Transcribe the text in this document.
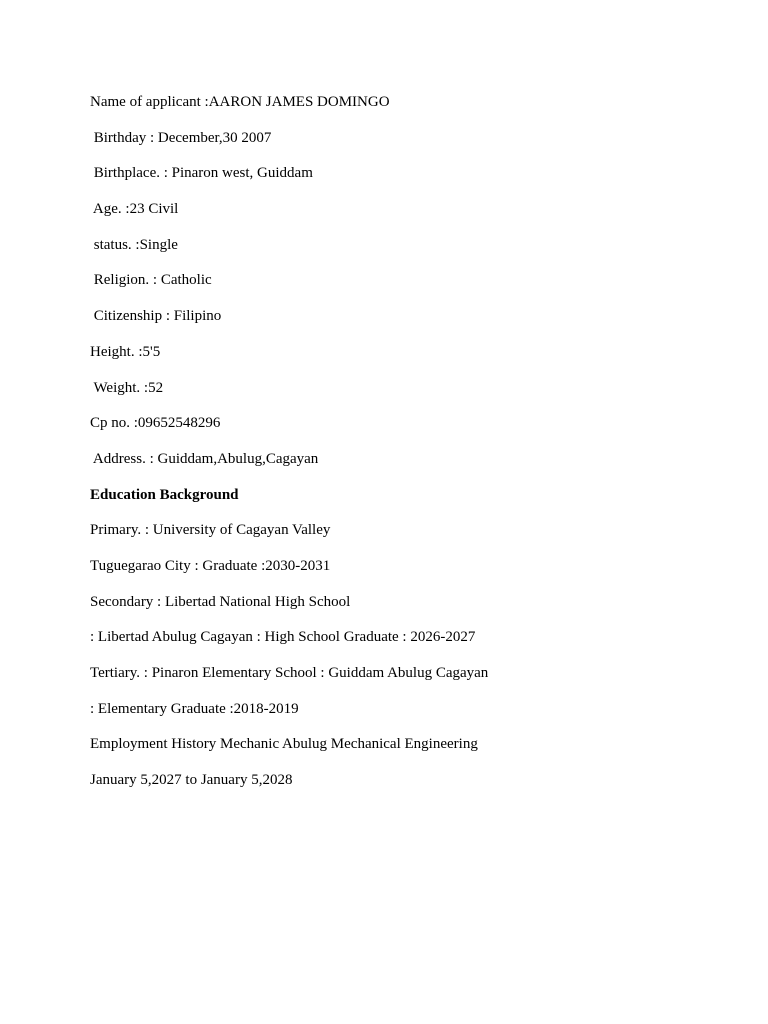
Name of applicant :AARON JAMES DOMINGO
Birthday : December,30 2007
Birthplace. : Pinaron west, Guiddam
Age. :23 Civil
status. :Single
Religion. : Catholic
Citizenship : Filipino
Height. :5'5
Weight. :52
Cp no. :09652548296
Address. : Guiddam,Abulug,Cagayan
Education Background
Primary. : University of Cagayan Valley
Tuguegarao City : Graduate :2030-2031
Secondary : Libertad National High School
: Libertad Abulug Cagayan : High School Graduate : 2026-2027
Tertiary. : Pinaron Elementary School : Guiddam Abulug Cagayan
: Elementary Graduate :2018-2019
Employment History Mechanic Abulug Mechanical Engineering
January 5,2027 to January 5,2028
